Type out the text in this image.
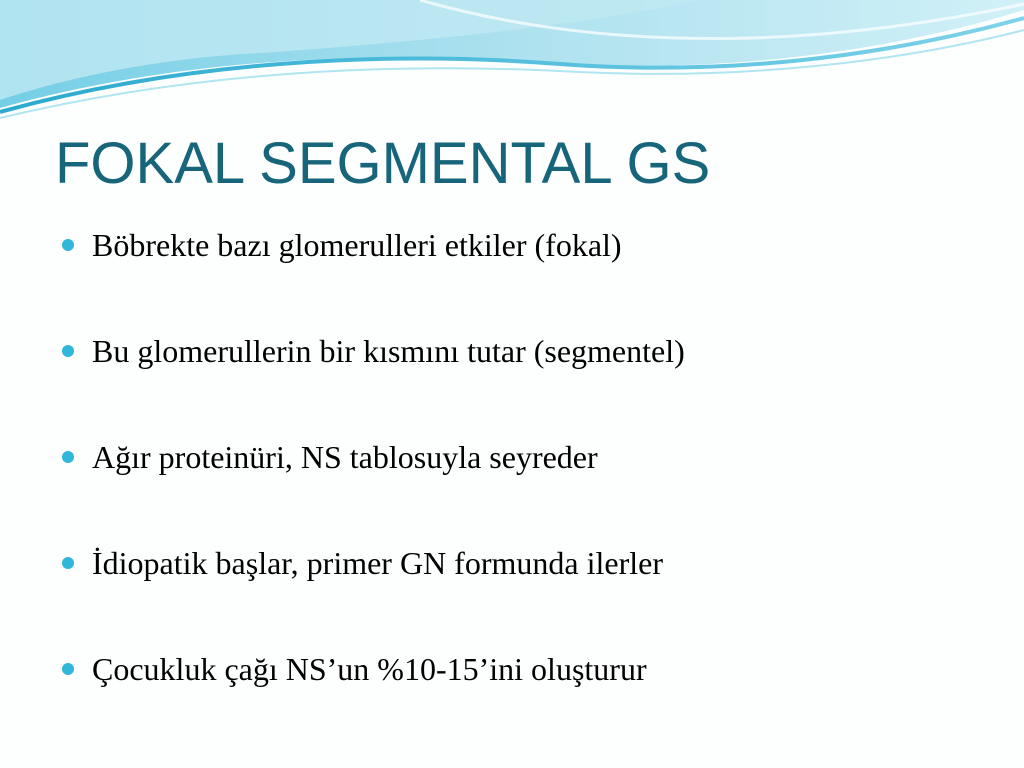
FOKAL SEGMENTAL GS
Böbrekte bazı glomerulleri etkiler (fokal)
Bu glomerullerin bir kısmını tutar (segmentel)
Ağır proteinüri, NS tablosuyla seyreder
İdiopatik başlar, primer GN formunda ilerler
Çocukluk çağı NS’un %10-15’ini oluşturur
